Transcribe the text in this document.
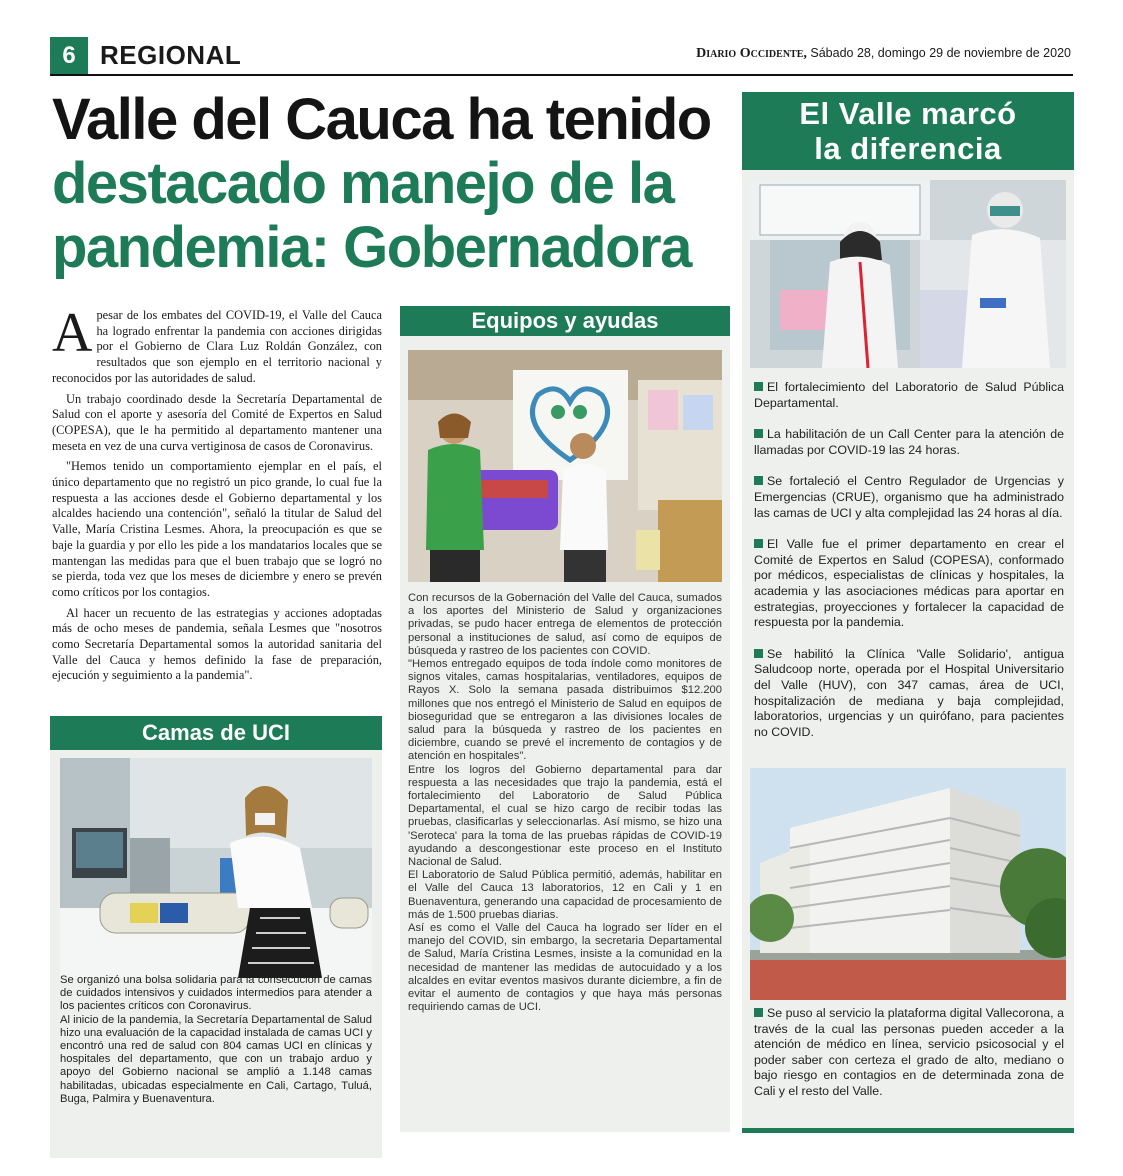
6 REGIONAL	Diario Occidente, Sábado 28, domingo 29 de noviembre de 2020
Valle del Cauca ha tenido
destacado manejo de la
pandemia: Gobernadora

Apesar de los embates del COVID-19, el Valle del Cauca ha logrado enfrentar la pandemia con acciones dirigidas por el Gobierno de Clara Luz Roldán González, con resultados que son ejemplo en el territorio nacional y reconocidos por las autoridades de salud.

Un trabajo coordinado desde la Secretaría Departamental de Salud con el aporte y asesoría del Comité de Expertos en Salud (COPESA), que le ha permitido al departamento mantener una meseta en vez de una curva vertiginosa de casos de Coronavirus.

"Hemos tenido un comportamiento ejemplar en el país, el único departamento que no registró un pico grande, lo cual fue la respuesta a las acciones desde el Gobierno departamental y los alcaldes haciendo una contención", señaló la titular de Salud del Valle, María Cristina Lesmes. Ahora, la preocupación es que se baje la guardia y por ello les pide a los mandatarios locales que se mantengan las medidas para que el buen trabajo que se logró no se pierda, toda vez que los meses de diciembre y enero se prevén como críticos por los contagios.

Al hacer un recuento de las estrategias y acciones adoptadas más de ocho meses de pandemia, señala Lesmes que "nosotros como Secretaría Departamental somos la autoridad sanitaria del Valle del Cauca y hemos definido la fase de preparación, ejecución y seguimiento a la pandemia".

Camas de UCI
Se organizó una bolsa solidaria para la consecución de camas de cuidados intensivos y cuidados intermedios para atender a los pacientes críticos con Coronavirus.
Al inicio de la pandemia, la Secretaría Departamental de Salud hizo una evaluación de la capacidad instalada de camas UCI y encontró una red de salud con 804 camas UCI en clínicas y hospitales del departamento, que con un trabajo arduo y apoyo del Gobierno nacional se amplió a 1.148 camas habilitadas, ubicadas especialmente en Cali, Cartago, Tuluá, Buga, Palmira y Buenaventura.
Equipos y ayudas
Con recursos de la Gobernación del Valle del Cauca, sumados a los aportes del Ministerio de Salud y organizaciones privadas, se pudo hacer entrega de elementos de protección personal a instituciones de salud, así como de equipos de búsqueda y rastreo de los pacientes con COVID.
"Hemos entregado equipos de toda índole como monitores de signos vitales, camas hospitalarias, ventiladores, equipos de Rayos X. Solo la semana pasada distribuimos $12.200 millones que nos entregó el Ministerio de Salud en equipos de bioseguridad que se entregaron a las divisiones locales de salud para la búsqueda y rastreo de los pacientes en diciembre, cuando se prevé el incremento de contagios y de atención en hospitales".
Entre los logros del Gobierno departamental para dar respuesta a las necesidades que trajo la pandemia, está el fortalecimiento del Laboratorio de Salud Pública Departamental, el cual se hizo cargo de recibir todas las pruebas, clasificarlas y seleccionarlas. Así mismo, se hizo una 'Seroteca' para la toma de las pruebas rápidas de COVID-19 ayudando a descongestionar este proceso en el Instituto Nacional de Salud.
El Laboratorio de Salud Pública permitió, además, habilitar en el Valle del Cauca 13 laboratorios, 12 en Cali y 1 en Buenaventura, generando una capacidad de procesamiento de más de 1.500 pruebas diarias.
Así es como el Valle del Cauca ha logrado ser líder en el manejo del COVID, sin embargo, la secretaria Departamental de Salud, María Cristina Lesmes, insiste a la comunidad en la necesidad de mantener las medidas de autocuidado y a los alcaldes en evitar eventos masivos durante diciembre, a fin de evitar el aumento de contagios y que haya más personas requiriendo camas de UCI.
El Valle marcó
la diferencia

El fortalecimiento del Laboratorio de Salud Pública Departamental.

La habilitación de un Call Center para la atención de llamadas por COVID-19 las 24 horas.

Se fortaleció el Centro Regulador de Urgencias y Emergencias (CRUE), organismo que ha administrado las camas de UCI y alta complejidad las 24 horas al día.

El Valle fue el primer departamento en crear el Comité de Expertos en Salud (COPESA), conformado por médicos, especialistas de clínicas y hospitales, la academia y las asociaciones médicas para aportar en estrategias, proyecciones y fortalecer la capacidad de respuesta por la pandemia.

Se habilitó la Clínica 'Valle Solidario', antigua Saludcoop norte, operada por el Hospital Universitario del Valle (HUV), con 347 camas, área de UCI, hospitalización de mediana y baja complejidad, laboratorios, urgencias y un quirófano, para pacientes no COVID.

Se puso al servicio la plataforma digital Vallecorona, a través de la cual las personas pueden acceder a la atención de médico en línea, servicio psicosocial y el poder saber con certeza el grado de alto, mediano o bajo riesgo en contagios en de determinada zona de Cali y el resto del Valle.
